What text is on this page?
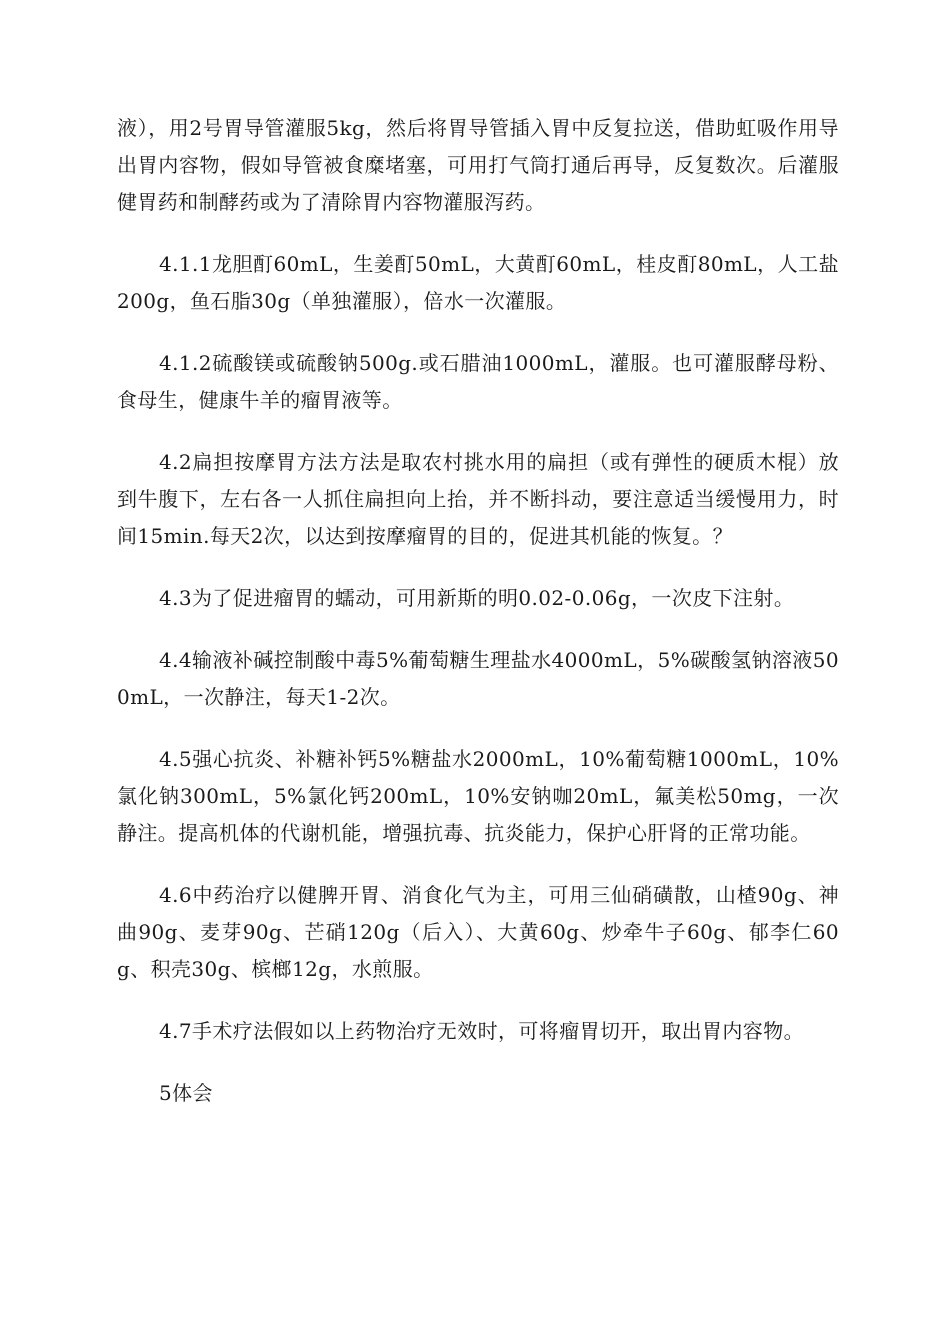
液），用2号胃导管灌服5kg，然后将胃导管插入胃中反复拉送，借助虹吸作用导出胃内容物，假如导管被食糜堵塞，可用打气筒打通后再导，反复数次。后灌服健胃药和制酵药或为了清除胃内容物灌服泻药。

4.1.1龙胆酊60mL，生姜酊50mL，大黄酊60mL，桂皮酊80mL，人工盐200g，鱼石脂30g（单独灌服），倍水一次灌服。

4.1.2硫酸镁或硫酸钠500g.或石腊油1000mL，灌服。也可灌服酵母粉、食母生，健康牛羊的瘤胃液等。

4.2扁担按摩胃方法方法是取农村挑水用的扁担（或有弹性的硬质木棍）放到牛腹下，左右各一人抓住扁担向上抬，并不断抖动，要注意适当缓慢用力，时间15min.每天2次，以达到按摩瘤胃的目的，促进其机能的恢复。？

4.3为了促进瘤胃的蠕动，可用新斯的明0.02-0.06g，一次皮下注射。

4.4输液补碱控制酸中毒5%葡萄糖生理盐水4000mL，5%碳酸氢钠溶液500mL，一次静注，每天1-2次。

4.5强心抗炎、补糖补钙5%糖盐水2000mL，10%葡萄糖1000mL，10%氯化钠300mL，5%氯化钙200mL，10%安钠咖20mL，氟美松50mg，一次静注。提高机体的代谢机能，增强抗毒、抗炎能力，保护心肝肾的正常功能。

4.6中药治疗以健脾开胃、消食化气为主，可用三仙硝磺散，山楂90g、神曲90g、麦芽90g、芒硝120g（后入）、大黄60g、炒牵牛子60g、郁李仁60g、积壳30g、槟榔12g，水煎服。

4.7手术疗法假如以上药物治疗无效时，可将瘤胃切开，取出胃内容物。

5体会
